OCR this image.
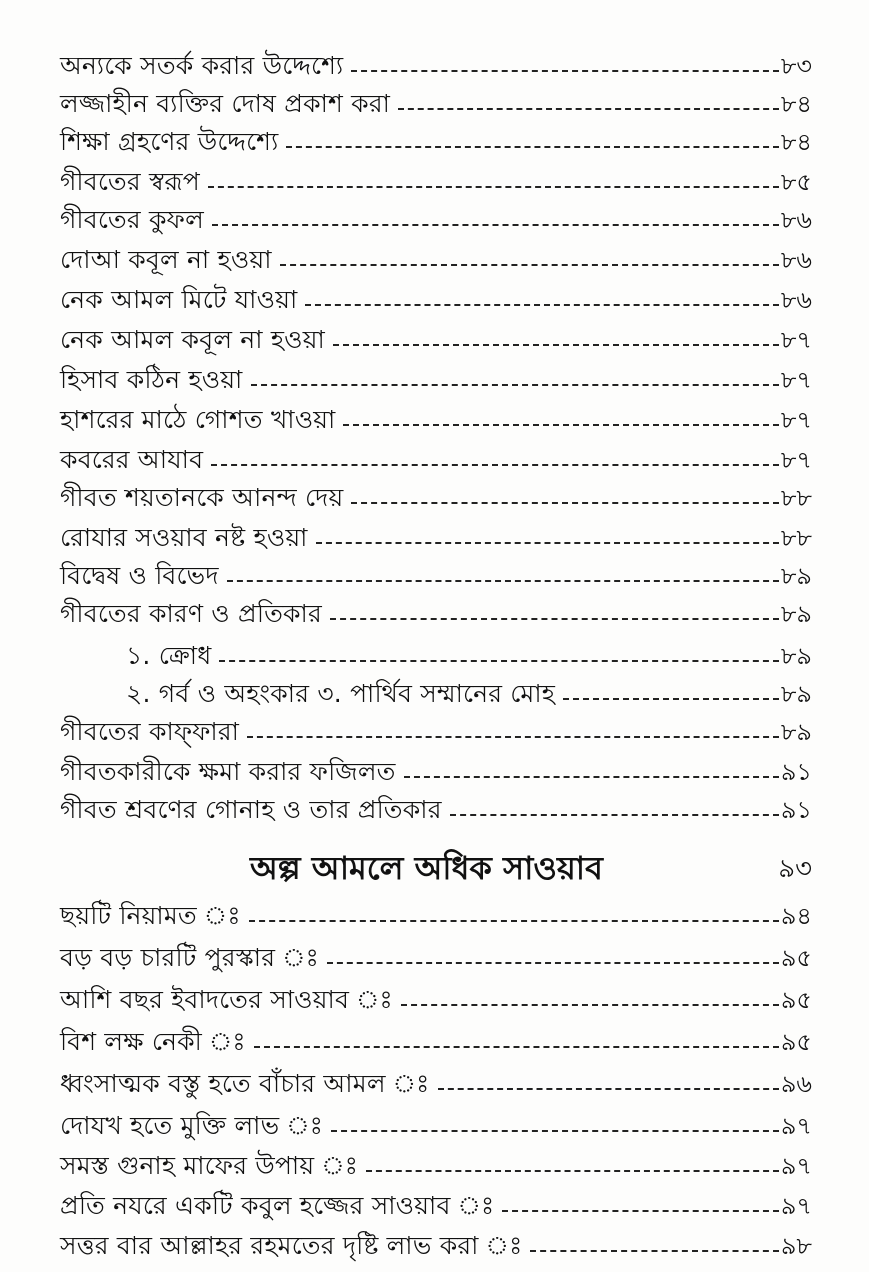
অন্যকে সতর্ক করার উদ্দেশ্যে	৮৩
লজ্জাহীন ব্যক্তির দোষ প্রকাশ করা	৮৪
শিক্ষা গ্রহণের উদ্দেশ্যে	৮৪
গীবতের স্বরূপ	৮৫
গীবতের কুফল	৮৬
দোআ কবূল না হওয়া	৮৬
নেক আমল মিটে যাওয়া	৮৬
নেক আমল কবূল না হওয়া	৮৭
হিসাব কঠিন হওয়া	৮৭
হাশরের মাঠে গোশত খাওয়া	৮৭
কবরের আযাব	৮৭
গীবত শয়তানকে আনন্দ দেয়	৮৮
রোযার সওয়াব নষ্ট হওয়া	৮৮
বিদ্বেষ ও বিভেদ	৮৯
গীবতের কারণ ও প্রতিকার	৮৯
১. ক্রোধ	৮৯
২. গর্ব ও অহংকার ৩. পার্থিব সম্মানের মোহ	৮৯
গীবতের কাফ্ফারা	৮৯
গীবতকারীকে ক্ষমা করার ফজিলত	৯১
গীবত শ্রবণের গোনাহ ও তার প্রতিকার	৯১
অল্প আমলে অধিক সাওয়াব	৯৩
ছয়টি নিয়ামত ঃ	৯৪
বড় বড় চারটি পুরস্কার ঃ	৯৫
আশি বছর ইবাদতের সাওয়াব ঃ	৯৫
বিশ লক্ষ নেকী ঃ	৯৫
ধ্বংসাত্মক বস্তু হতে বাঁচার আমল ঃ	৯৬
দোযখ হতে মুক্তি লাভ ঃ	৯৭
সমস্ত গুনাহ মাফের উপায় ঃ	৯৭
প্রতি নযরে একটি কবুল হজ্জের সাওয়াব ঃ	৯৭
সত্তর বার আল্লাহর রহমতের দৃষ্টি লাভ করা ঃ	৯৮
